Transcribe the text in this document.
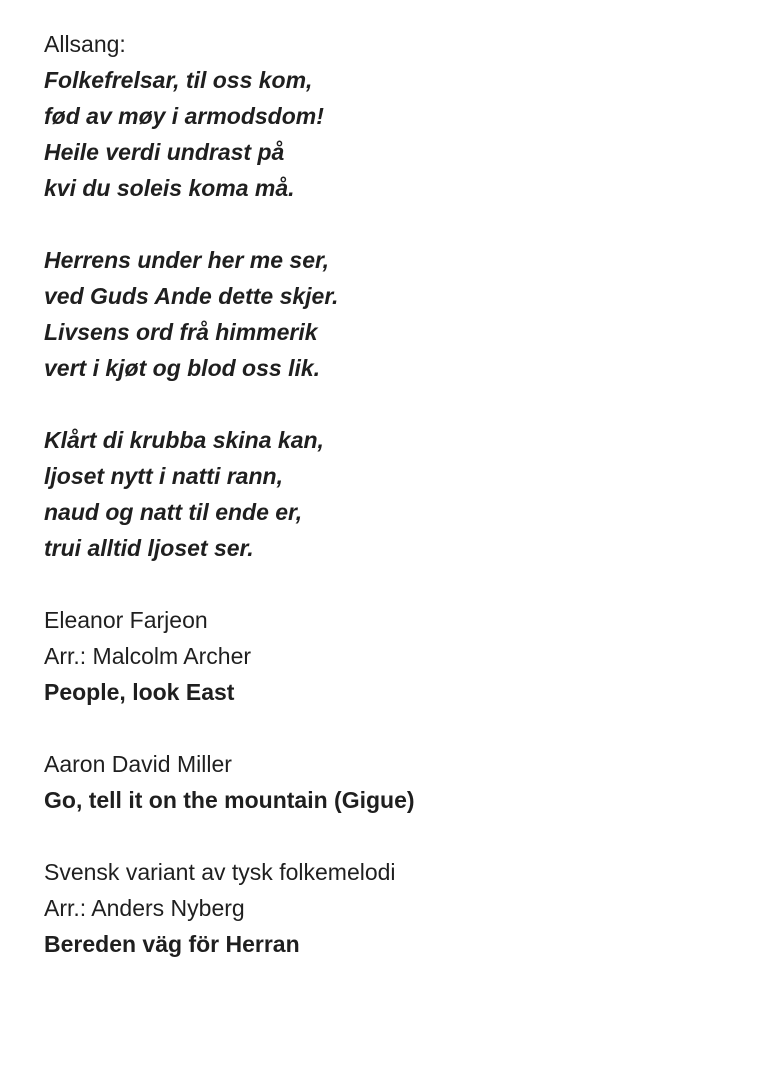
Allsang:

Folkefrelsar, til oss kom,

fød av møy i armodsdom!

Heile verdi undrast på

kvi du soleis koma må.

Herrens under her me ser,

ved Guds Ande dette skjer.

Livsens ord frå himmerik

vert i kjøt og blod oss lik.

Klårt di krubba skina kan,

ljoset nytt i natti rann,

naud og natt til ende er,

trui alltid ljoset ser.

Eleanor Farjeon

Arr.: Malcolm Archer

People, look East

Aaron David Miller

Go, tell it on the mountain (Gigue)

Svensk variant av tysk folkemelodi

Arr.: Anders Nyberg

Bereden väg för Herran
